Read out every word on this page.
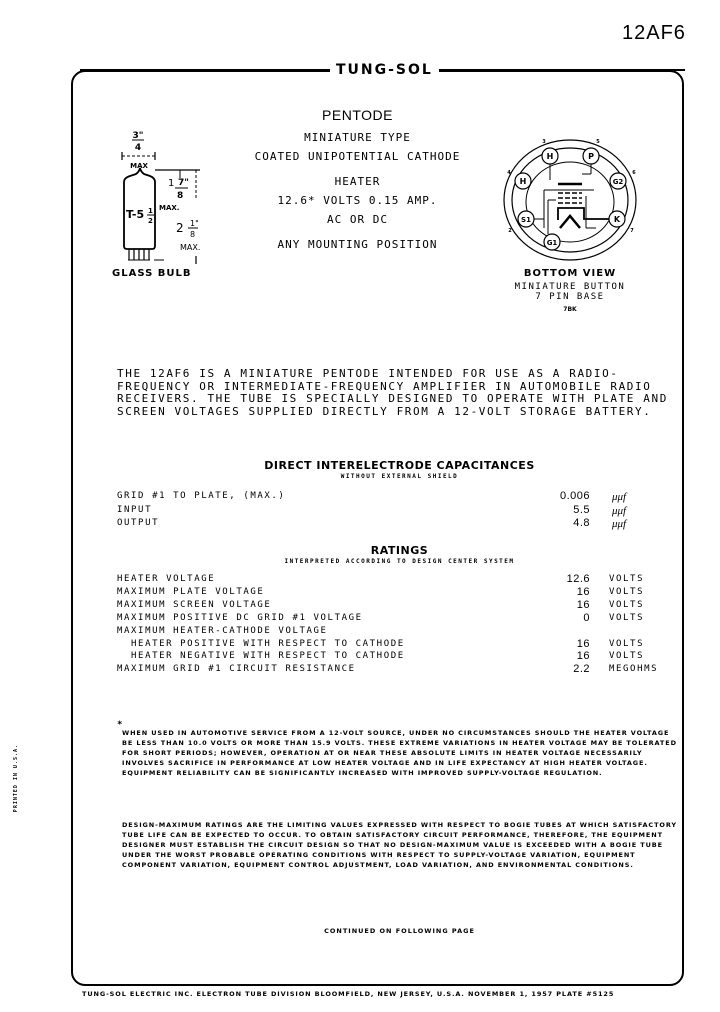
12AF6
TUNG-SOL
3"
4
MAX
1 7"
8
MAX.
T-5 1
2 2 1"
8
MAX.
GLASS BULB
PENTODE
MINIATURE TYPE
COATED UNIPOTENTIAL CATHODE
HEATER
12.6* VOLTS 0.15 AMP.
AC OR DC
ANY MOUNTING POSITION
H	P
H	G2
S1	K
G1
3	5
4	6
2	7
BOTTOM VIEW
MINIATURE BUTTON
7 PIN BASE
7BK
THE 12AF6 IS A MINIATURE PENTODE INTENDED FOR USE AS A RADIO-FREQUENCY OR INTERMEDIATE-FREQUENCY AMPLIFIER IN AUTOMOBILE RADIO RECEIVERS. THE TUBE IS SPECIALLY DESIGNED TO OPERATE WITH PLATE AND SCREEN VOLTAGES SUPPLIED DIRECTLY FROM A 12-VOLT STORAGE BATTERY.
DIRECT INTERELECTRODE CAPACITANCES
WITHOUT EXTERNAL SHIELD
GRID #1 TO PLATE, (MAX.)	0.006 μμf
INPUT	5.5 μμf
OUTPUT	4.8 μμf
RATINGS
INTERPRETED ACCORDING TO DESIGN CENTER SYSTEM
HEATER VOLTAGE	12.6 VOLTS
MAXIMUM PLATE VOLTAGE	16 VOLTS
MAXIMUM SCREEN VOLTAGE	16 VOLTS
MAXIMUM POSITIVE DC GRID #1 VOLTAGE	0 VOLTS
MAXIMUM HEATER-CATHODE VOLTAGE
HEATER POSITIVE WITH RESPECT TO CATHODE	16 VOLTS
HEATER NEGATIVE WITH RESPECT TO CATHODE	16 VOLTS
MAXIMUM GRID #1 CIRCUIT RESISTANCE	2.2 MEGOHMS
*
WHEN USED IN AUTOMOTIVE SERVICE FROM A 12-VOLT SOURCE, UNDER NO CIRCUMSTANCES SHOULD THE HEATER VOLTAGE BE LESS THAN 10.0 VOLTS OR MORE THAN 15.9 VOLTS. THESE EXTREME VARIATIONS IN HEATER VOLTAGE MAY BE TOLERATED FOR SHORT PERIODS; HOWEVER, OPERATION AT OR NEAR THESE ABSOLUTE LIMITS IN HEATER VOLTAGE NECESSARILY INVOLVES SACRIFICE IN PERFORMANCE AT LOW HEATER VOLTAGE AND IN LIFE EXPECTANCY AT HIGH HEATER VOLTAGE. EQUIPMENT RELIABILITY CAN BE SIGNIFICANTLY INCREASED WITH IMPROVED SUPPLY-VOLTAGE REGULATION.
DESIGN-MAXIMUM RATINGS ARE THE LIMITING VALUES EXPRESSED WITH RESPECT TO BOGIE TUBES AT WHICH SATISFACTORY TUBE LIFE CAN BE EXPECTED TO OCCUR. TO OBTAIN SATISFACTORY CIRCUIT PERFORMANCE, THEREFORE, THE EQUIPMENT DESIGNER MUST ESTABLISH THE CIRCUIT DESIGN SO THAT NO DESIGN-MAXIMUM VALUE IS EXCEEDED WITH A BOGIE TUBE UNDER THE WORST PROBABLE OPERATING CONDITIONS WITH RESPECT TO SUPPLY-VOLTAGE VARIATION, EQUIPMENT COMPONENT VARIATION, EQUIPMENT CONTROL ADJUSTMENT, LOAD VARIATION, AND ENVIRONMENTAL CONDITIONS.
CONTINUED ON FOLLOWING PAGE
TUNG-SOL ELECTRIC INC. ELECTRON TUBE DIVISION BLOOMFIELD, NEW JERSEY, U.S.A. NOVEMBER 1, 1957 PLATE #5125
PRINTED IN U.S.A.
